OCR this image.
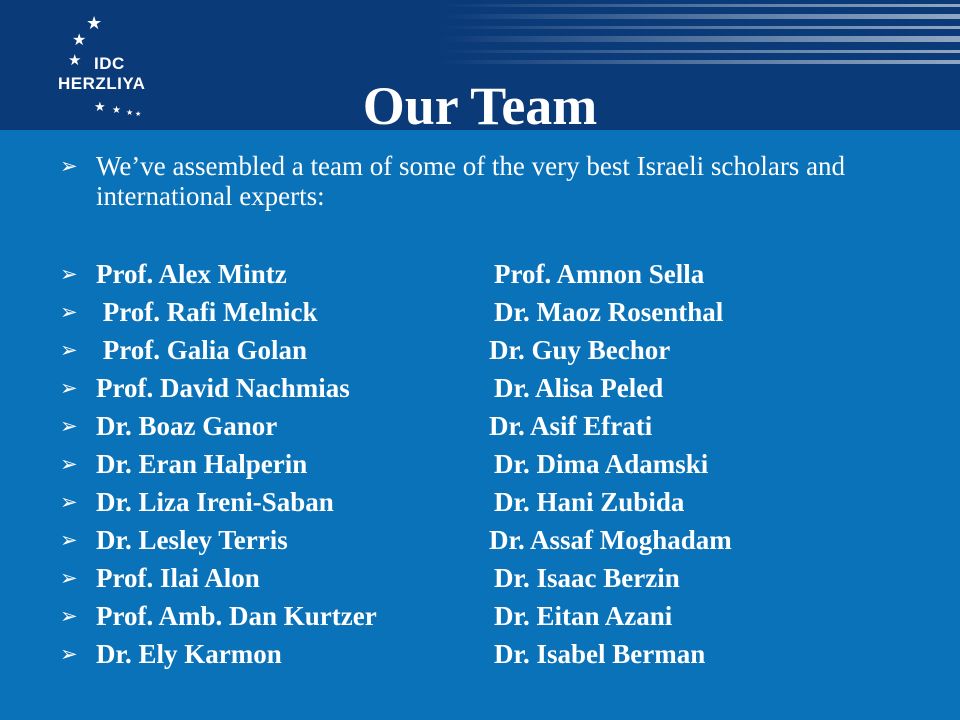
★
★
★ IDC
HERZLIYA
★ ★ ★ ★	Our Team
➢ We’ve assembled a team of some of the very best Israeli scholars and international experts:
➢ Prof. Alex Mintz	Prof. Amnon Sella
➢ Prof. Rafi Melnick	Dr. Maoz Rosenthal
➢ Prof. Galia Golan	Dr. Guy Bechor
➢ Prof. David Nachmias	Dr. Alisa Peled
➢ Dr. Boaz Ganor	Dr. Asif Efrati
➢ Dr. Eran Halperin	Dr. Dima Adamski
➢ Dr. Liza Ireni-Saban	Dr. Hani Zubida
➢ Dr. Lesley Terris	Dr. Assaf Moghadam
➢ Prof. Ilai Alon	Dr. Isaac Berzin
➢ Prof. Amb. Dan Kurtzer	Dr. Eitan Azani
➢ Dr. Ely Karmon	Dr. Isabel Berman
